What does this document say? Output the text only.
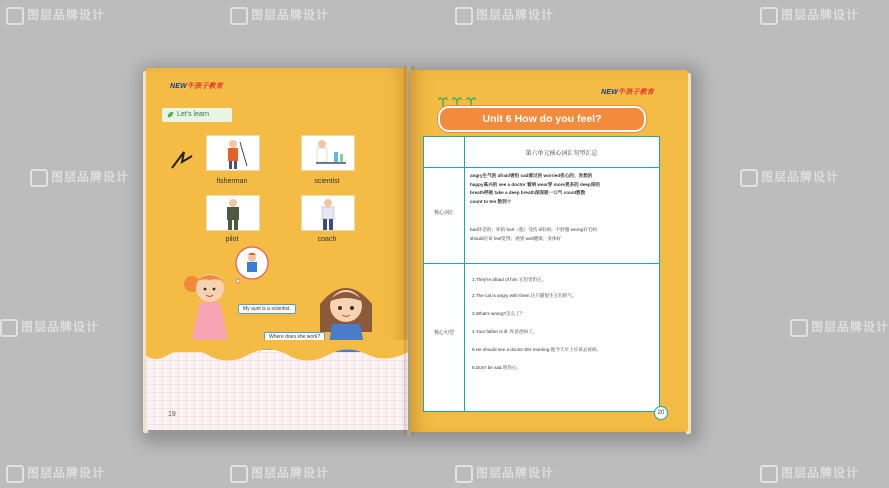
图层品牌设计	图层品牌设计	图层品牌设计	图层品牌设计
图层品牌设计	图层品牌设计
图层品牌设计	图层品牌设计
图层品牌设计	图层品牌设计	图层品牌设计	图层品牌设计
NEW牛孩子教育
Let's learn
fisherman	scientist
pilot	coach
My aunt is a scientist.
Where does she work?
19
NEW牛孩子教育
Unit 6 How do you feel?
第六单元核心词汇句型汇总
核心词汇
angry生气的 afraid害怕 sad难过的 worried担心的；发愁的
happy高兴的 see a doctor 看病 wear穿 more更多的 deep深的
breath呼吸 take a deep breath深深吸一口气 count数数
count to ten 数到十
bad坏悲的；坏的 hurt（使）受伤 ill有病；不舒服 wrong有毛病
should应该 feel觉得；感到 well健康；身体好
核心句型
1.They're afraid of him.它们害怕它。
2.The cat is angry with them.这只猫很生它们的气。
3.What's wrong?怎么了？
4.Your father is ill. 你爸爸病了。
5.He should see a doctor this morning.他今天早上应该去看病。
6.Don't be sad.别伤心。
20
